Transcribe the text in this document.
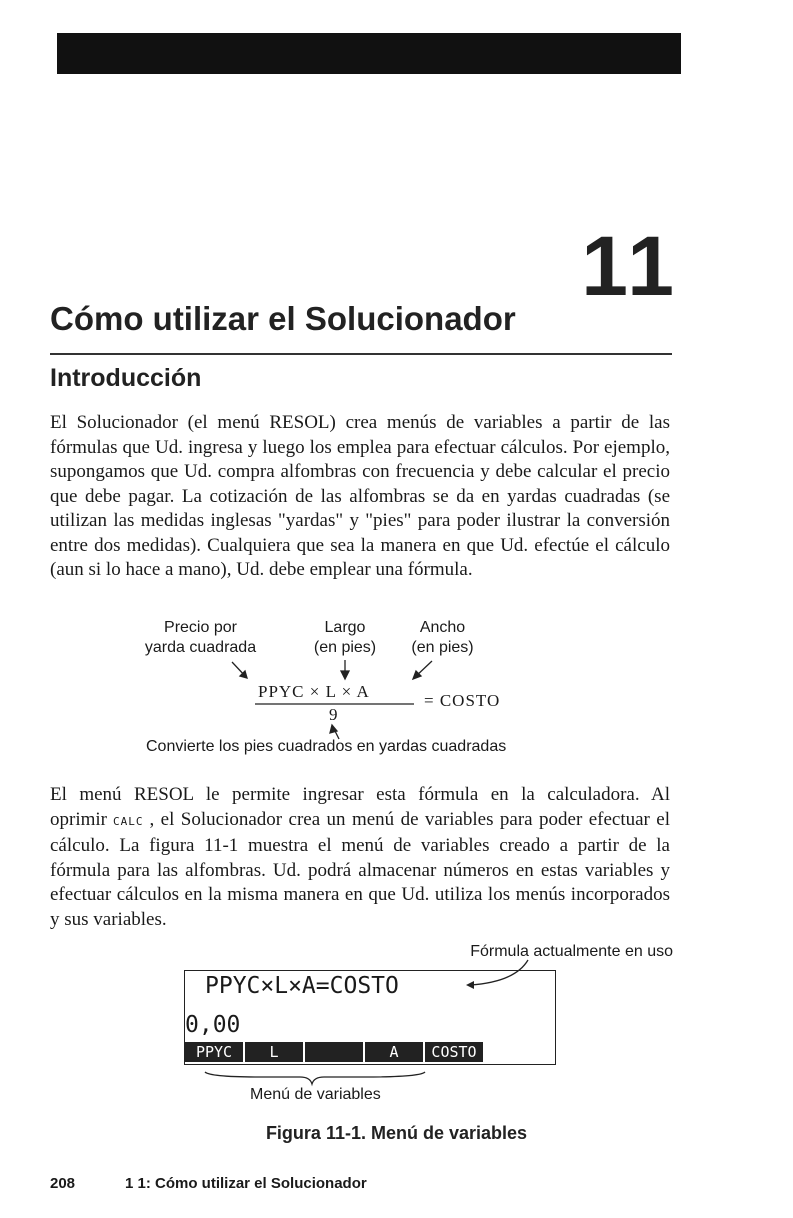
11
Cómo utilizar el Solucionador
Introducción
El Solucionador (el menú RESOL) crea menús de variables a partir de las fórmulas que Ud. ingresa y luego los emplea para efectuar cálculos. Por ejemplo, supongamos que Ud. compra alfombras con frecuencia y debe calcular el precio que debe pagar. La cotización de las alfombras se da en yardas cuadradas (se utilizan las medidas inglesas "yardas" y "pies" para poder ilustrar la conversión entre dos medidas). Cualquiera que sea la manera en que Ud. efectúe el cálculo (aun si lo hace a mano), Ud. debe emplear una fórmula.
Precio por
yarda cuadrada
Largo
(en pies)
Ancho
(en pies)
PPYC × L × A
9
= COSTO
Convierte los pies cuadrados en yardas cuadradas
El menú RESOL le permite ingresar esta fórmula en la calculadora. Al oprimir CALC , el Solucionador crea un menú de variables para poder efectuar el cálculo. La figura 11-1 muestra el menú de variables creado a partir de la fórmula para las alfombras. Ud. podrá almacenar números en estas variables y efectuar cálculos en la misma manera en que Ud. utiliza los menús incorporados y sus variables.
Fórmula actualmente en uso
PPYC×L×A=COSTO
0,00
PPYC	L	A	COSTO
Menú de variables
Figura 11-1. Menú de variables
208	1 1: Cómo utilizar el Solucionador
